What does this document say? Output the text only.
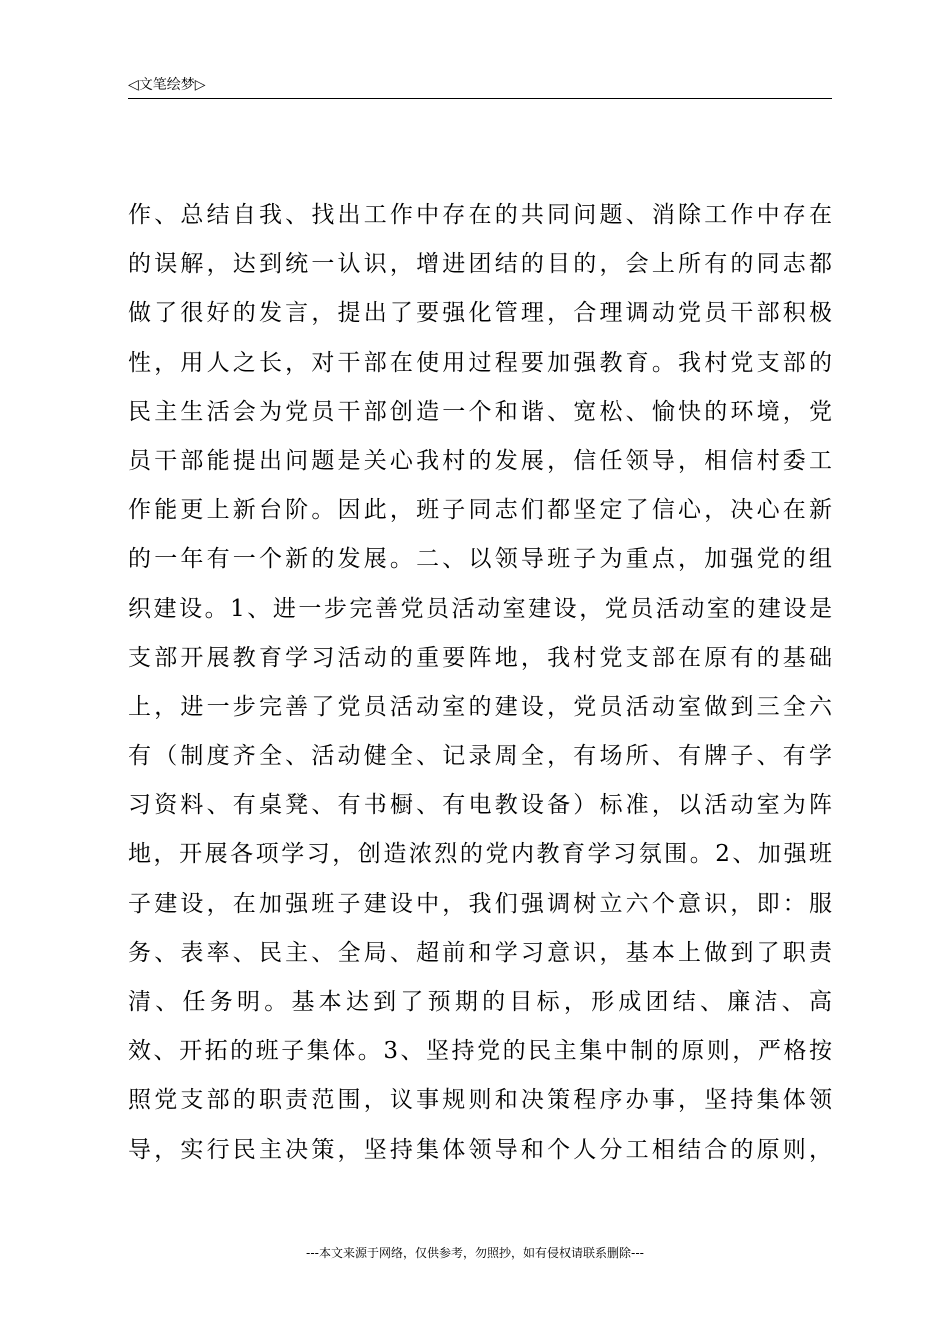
◁文笔绘梦▷
作、总结自我、找出工作中存在的共同问题、消除工作中存在
的误解，达到统一认识，增进团结的目的，会上所有的同志都
做了很好的发言，提出了要强化管理，合理调动党员干部积极
性，用人之长，对干部在使用过程要加强教育。我村党支部的
民主生活会为党员干部创造一个和谐、宽松、愉快的环境，党
员干部能提出问题是关心我村的发展，信任领导，相信村委工
作能更上新台阶。因此，班子同志们都坚定了信心，决心在新
的一年有一个新的发展。二、以领导班子为重点，加强党的组
织建设。1、进一步完善党员活动室建设，党员活动室的建设是
支部开展教育学习活动的重要阵地，我村党支部在原有的基础
上，进一步完善了党员活动室的建设，党员活动室做到三全六
有（制度齐全、活动健全、记录周全，有场所、有牌子、有学
习资料、有桌凳、有书橱、有电教设备）标准，以活动室为阵
地，开展各项学习，创造浓烈的党内教育学习氛围。2、加强班
子建设，在加强班子建设中，我们强调树立六个意识，即：服
务、表率、民主、全局、超前和学习意识，基本上做到了职责
清、任务明。基本达到了预期的目标，形成团结、廉洁、高
效、开拓的班子集体。3、坚持党的民主集中制的原则，严格按
照党支部的职责范围，议事规则和决策程序办事，坚持集体领
导，实行民主决策，坚持集体领导和个人分工相结合的原则，
---本文来源于网络，仅供参考，勿照抄，如有侵权请联系删除---
